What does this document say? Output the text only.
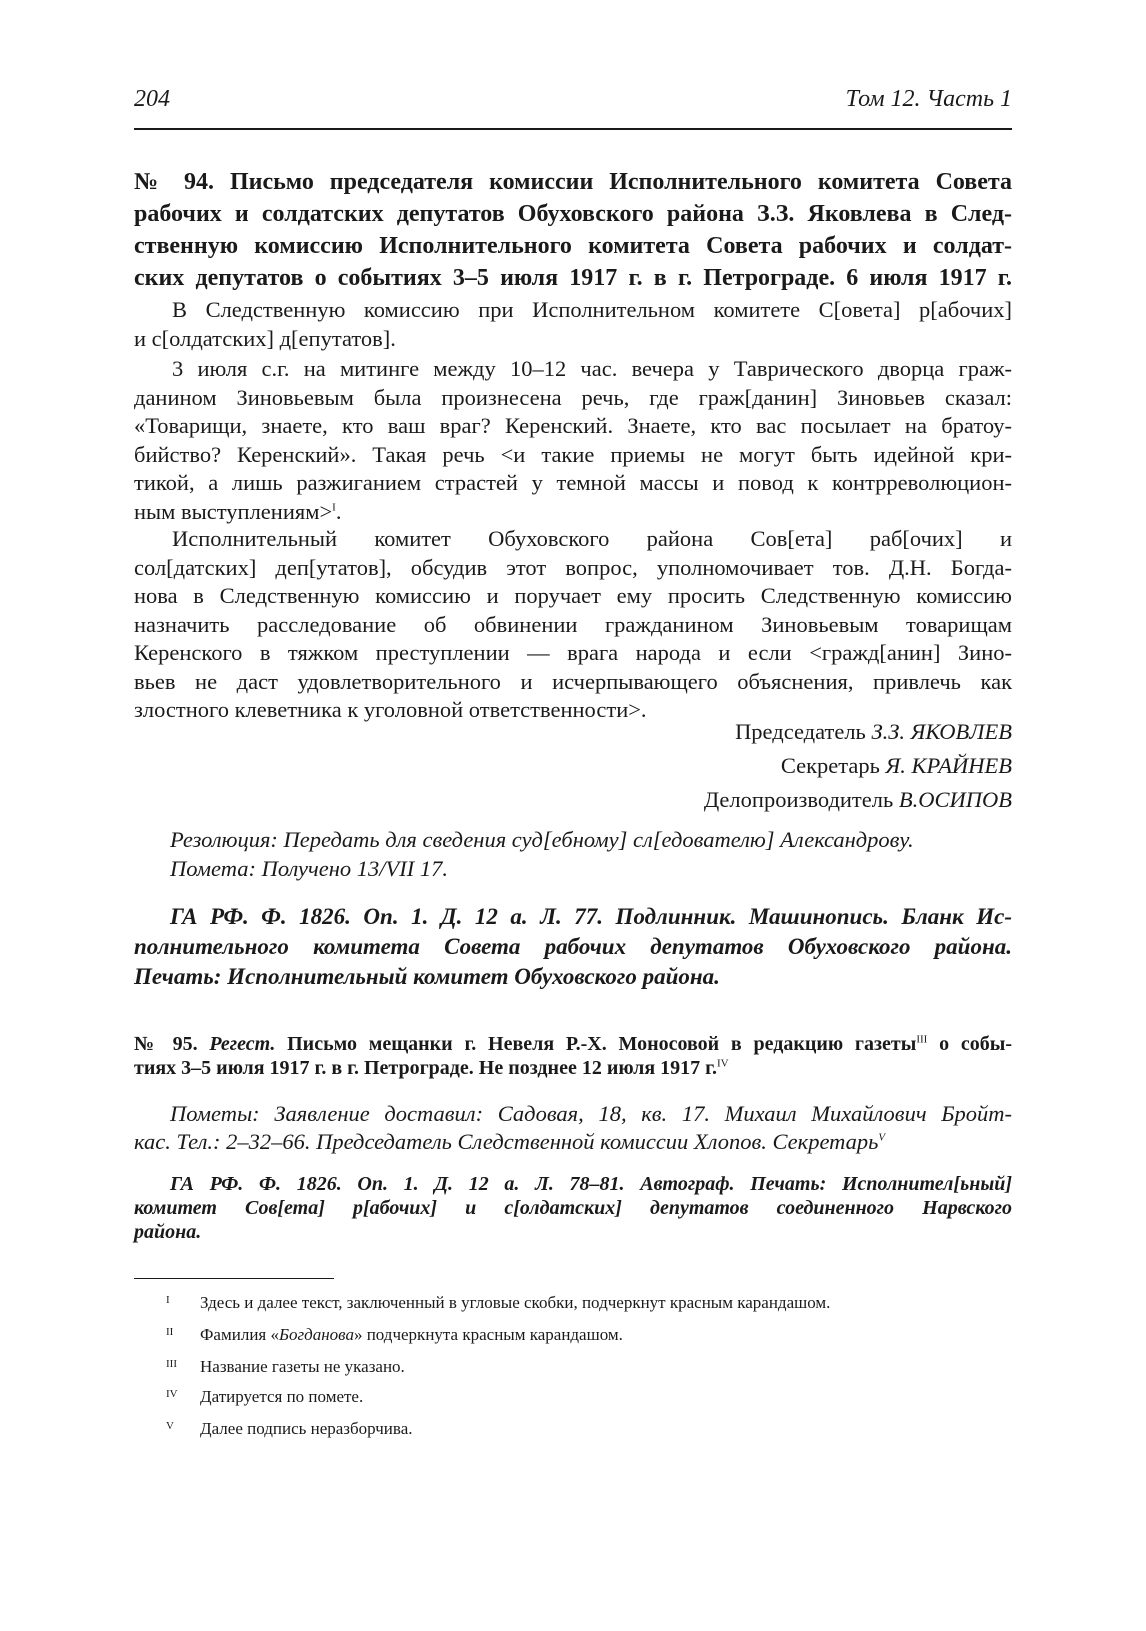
204	Том 12. Часть 1
№ 94. Письмо председателя комиссии Исполнительного комитета Совета
рабочих и солдатских депутатов Обуховского района З.З. Яковлева в След-
ственную комиссию Исполнительного комитета Совета рабочих и солдат-
ских депутатов о событиях 3–5 июля 1917 г. в г. Петрограде. 6 июля 1917 г.
В Следственную комиссию при Исполнительном комитете С[овета] р[абочих]
и с[олдатских] д[епутатов].
3 июля с.г. на митинге между 10–12 час. вечера у Таврического дворца граж-
данином Зиновьевым была произнесена речь, где граж[данин] Зиновьев сказал:
«Товарищи, знаете, кто ваш враг? Керенский. Знаете, кто вас посылает на братоу-
бийство? Керенский». Такая речь <и такие приемы не могут быть идейной кри-
тикой, а лишь разжиганием страстей у темной массы и повод к контрреволюцион-
ным выступлениям>$^I$.
Исполнительный комитет Обуховского района Сов[ета] раб[очих] и
сол[датских] деп[утатов], обсудив этот вопрос, уполномочивает тов. Д.Н. Богда-
нова в Следственную комиссию и поручает ему просить Следственную комиссию
назначить расследование об обвинении гражданином Зиновьевым товарищам
Керенского в тяжком преступлении — врага народа и если <гражд[анин] Зино-
вьев не даст удовлетворительного и исчерпывающего объяснения, привлечь как
злостного клеветника к уголовной ответственности>.
Председатель З.З. ЯКОВЛЕВ
Секретарь Я. КРАЙНЕВ
Делопроизводитель В.ОСИПОВ
Резолюция: Передать для сведения суд[ебному] сл[едователю] Александрову.
Помета: Получено 13/VII 17.
ГА РФ. Ф. 1826. Оп. 1. Д. 12 а. Л. 77. Подлинник. Машинопись. Бланк Ис-
полнительного комитета Совета рабочих депутатов Обуховского района.
Печать: Исполнительный комитет Обуховского района.
№ 95. Регест. Письмо мещанки г. Невеля Р.-Х. Моносовой в редакцию газеты$^{III}$ о собы-
тиях 3–5 июля 1917 г. в г. Петрограде. Не позднее 12 июля 1917 г.$^{IV}$
Пометы: Заявление доставил: Садовая, 18, кв. 17. Михаил Михайлович Бройт-
кас. Тел.: 2–32–66. Председатель Следственной комиссии Хлопов. Секретарь$^V$
ГА РФ. Ф. 1826. Оп. 1. Д. 12 а. Л. 78–81. Автограф. Печать: Исполнител[ьный]
комитет Сов[ета] р[абочих] и с[олдатских] депутатов соединенного Нарвского
района.
I Здесь и далее текст, заключенный в угловые скобки, подчеркнут красным карандашом.
II Фамилия «Богданова» подчеркнута красным карандашом.
III Название газеты не указано.
IV Датируется по помете.
V Далее подпись неразборчива.
